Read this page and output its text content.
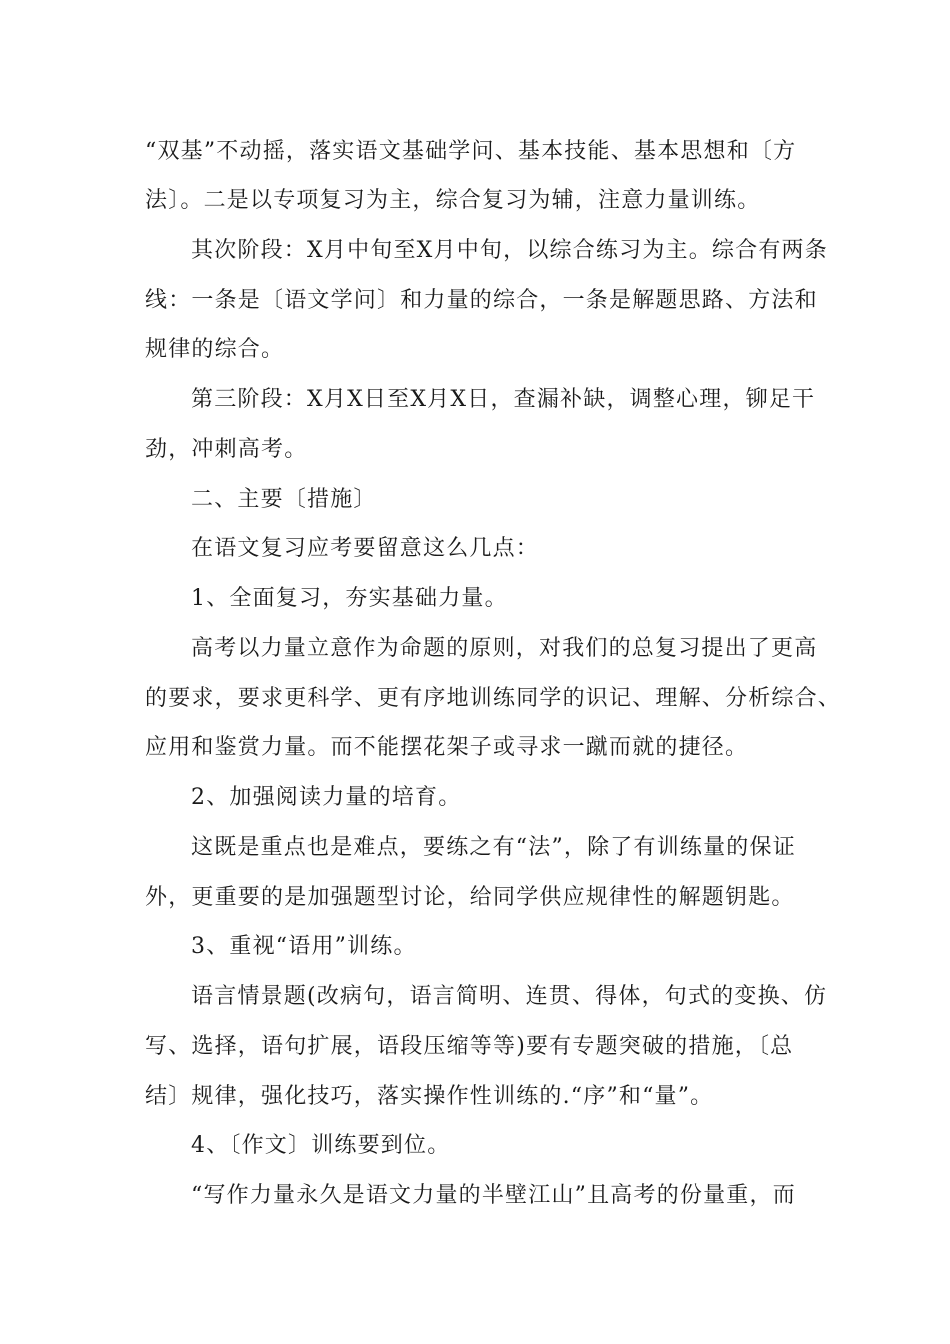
“双基”不动摇，落实语文基础学问、基本技能、基本思想和〔方
法〕。二是以专项复习为主，综合复习为辅，注意力量训练。
其次阶段：X月中旬至X月中旬，以综合练习为主。综合有两条
线：一条是〔语文学问〕和力量的综合，一条是解题思路、方法和
规律的综合。
第三阶段：X月X日至X月X日，查漏补缺，调整心理，铆足干
劲，冲刺高考。
二、主要〔措施〕
在语文复习应考要留意这么几点：
1、全面复习，夯实基础力量。
高考以力量立意作为命题的原则，对我们的总复习提出了更高
的要求，要求更科学、更有序地训练同学的识记、理解、分析综合、
应用和鉴赏力量。而不能摆花架子或寻求一蹴而就的捷径。
2、加强阅读力量的培育。
这既是重点也是难点，要练之有“法”，除了有训练量的保证
外，更重要的是加强题型讨论，给同学供应规律性的解题钥匙。
3、重视“语用”训练。
语言情景题(改病句，语言简明、连贯、得体，句式的变换、仿
写、选择，语句扩展，语段压缩等等)要有专题突破的措施，〔总
结〕规律，强化技巧，落实操作性训练的.“序”和“量”。
4、〔作文〕训练要到位。
“写作力量永久是语文力量的半壁江山”且高考的份量重，而
